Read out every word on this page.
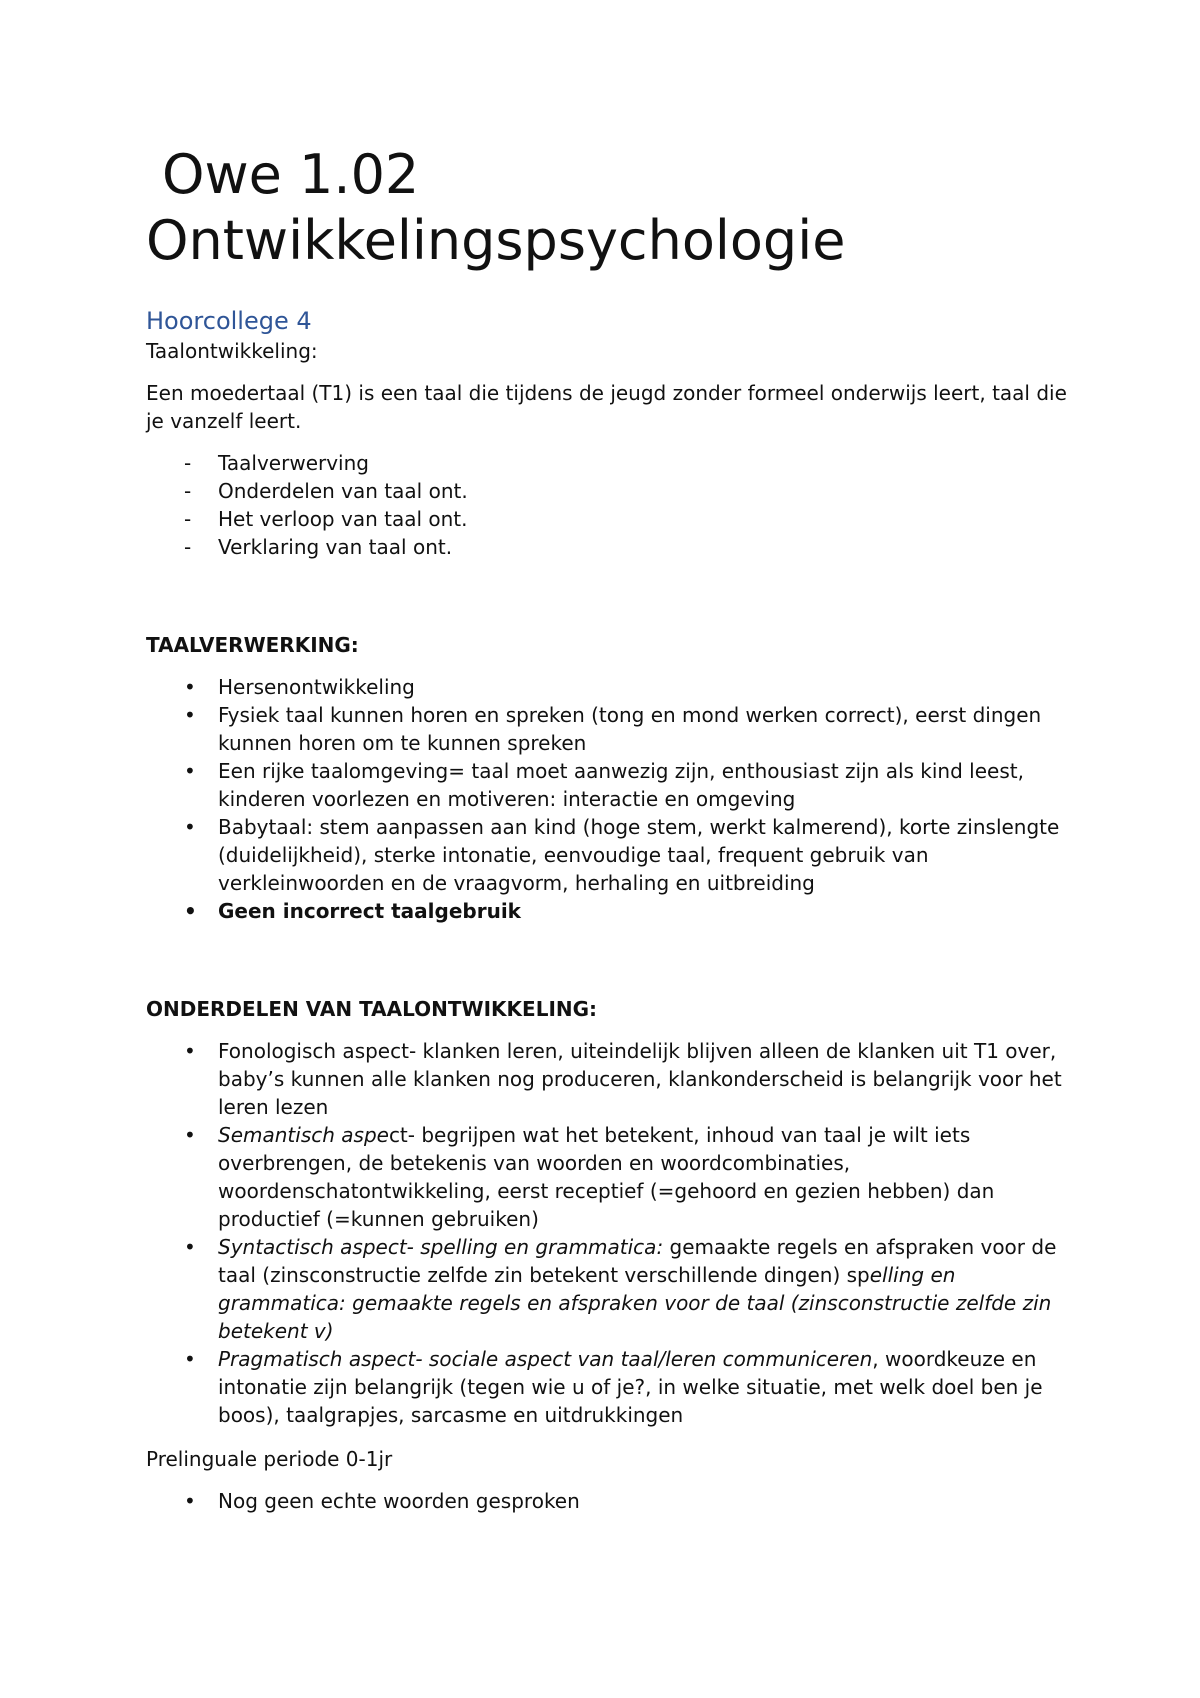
Owe 1.02
Ontwikkelingspsychologie
Hoorcollege 4

Taalontwikkeling:

Een moedertaal (T1) is een taal die tijdens de jeugd zonder formeel onderwijs leert, taal die je vanzelf leert.

-	Taalverwerving
-	Onderdelen van taal ont.
-	Het verloop van taal ont.
-	Verklaring van taal ont.

TAALVERWERKING:

•	Hersenontwikkeling
•	Fysiek taal kunnen horen en spreken (tong en mond werken correct), eerst dingen kunnen horen om te kunnen spreken
•	Een rijke taalomgeving= taal moet aanwezig zijn, enthousiast zijn als kind leest, kinderen voorlezen en motiveren: interactie en omgeving
•	Babytaal: stem aanpassen aan kind (hoge stem, werkt kalmerend), korte zinslengte (duidelijkheid), sterke intonatie, eenvoudige taal, frequent gebruik van verkleinwoorden en de vraagvorm, herhaling en uitbreiding
•	Geen incorrect taalgebruik

ONDERDELEN VAN TAALONTWIKKELING:

•	Fonologisch aspect- klanken leren, uiteindelijk blijven alleen de klanken uit T1 over, baby’s kunnen alle klanken nog produceren, klankonderscheid is belangrijk voor het leren lezen
•	Semantisch aspect- begrijpen wat het betekent, inhoud van taal je wilt iets overbrengen, de betekenis van woorden en woordcombinaties, woordenschatontwikkeling, eerst receptief (=gehoord en gezien hebben) dan productief (=kunnen gebruiken)
•	Syntactisch aspect- spelling en grammatica: gemaakte regels en afspraken voor de taal (zinsconstructie zelfde zin betekent verschillende dingen) spelling en grammatica: gemaakte regels en afspraken voor de taal (zinsconstructie zelfde zin betekent v)
•	Pragmatisch aspect- sociale aspect van taal/leren communiceren, woordkeuze en intonatie zijn belangrijk (tegen wie u of je?, in welke situatie, met welk doel ben je boos), taalgrapjes, sarcasme en uitdrukkingen

Prelinguale periode 0-1jr

•	Nog geen echte woorden gesproken
